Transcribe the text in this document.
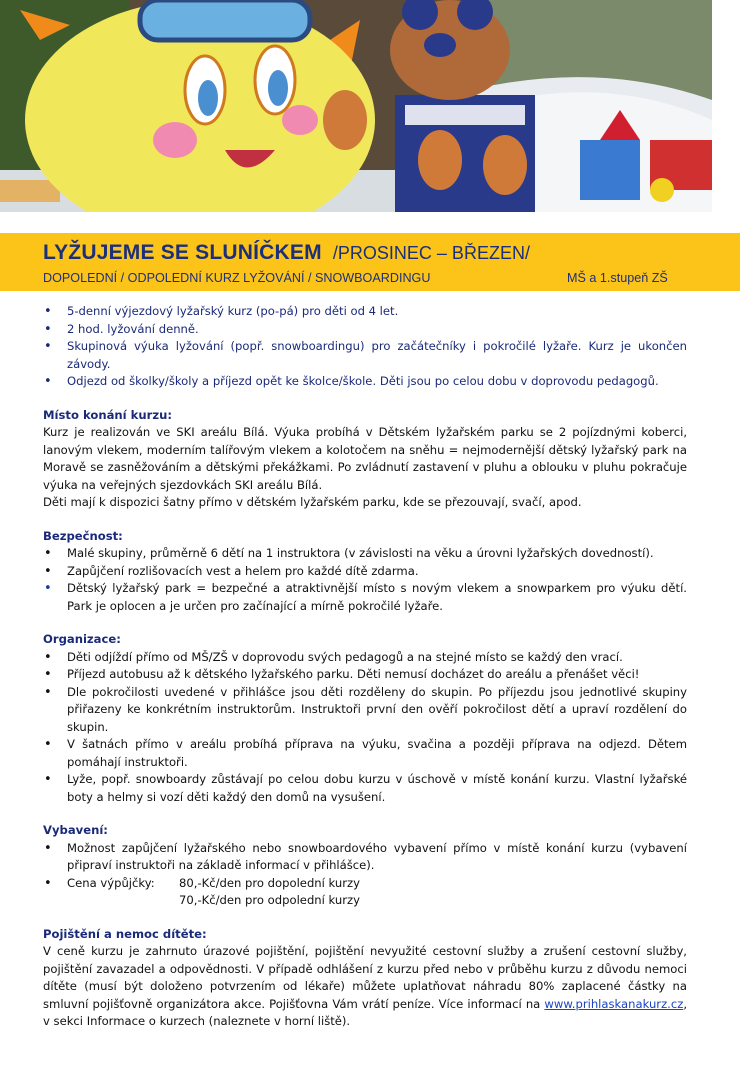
LYŽUJEME SE SLUNÍČKEM /PROSINEC – BŘEZEN/
DOPOLEDNÍ / ODPOLEDNÍ KURZ LYŽOVÁNÍ / SNOWBOARDINGU	MŠ a 1.stupeň ZŠ
• 5-denní výjezdový lyžařský kurz (po-pá) pro děti od 4 let.
• 2 hod. lyžování denně.
• Skupinová výuka lyžování (popř. snowboardingu) pro začátečníky i pokročilé lyžaře. Kurz je ukončen závody.
• Odjezd od školky/školy a příjezd opět ke školce/škole. Děti jsou po celou dobu v doprovodu pedagogů.
Místo konání kurzu:

Kurz je realizován ve SKI areálu Bílá. Výuka probíhá v Dětském lyžařském parku se 2 pojízdnými koberci, lanovým vlekem, moderním talířovým vlekem a kolotočem na sněhu = nejmodernější dětský lyžařský park na Moravě se zasněžováním a dětskými překážkami. Po zvládnutí zastavení v pluhu a oblouku v pluhu pokračuje výuka na veřejných sjezdovkách SKI areálu Bílá.

Děti mají k dispozici šatny přímo v dětském lyžařském parku, kde se přezouvají, svačí, apod.

Bezpečnost:
• Malé skupiny, průměrně 6 dětí na 1 instruktora (v závislosti na věku a úrovni lyžařských dovedností).
• Zapůjčení rozlišovacích vest a helem pro každé dítě zdarma.
• Dětský lyžařský park = bezpečné a atraktivnější místo s novým vlekem a snowparkem pro výuku dětí. Park je oplocen a je určen pro začínající a mírně pokročilé lyžaře.
Organizace:
• Děti odjíždí přímo od MŠ/ZŠ v doprovodu svých pedagogů a na stejné místo se každý den vrací.
• Příjezd autobusu až k dětského lyžařského parku. Děti nemusí docházet do areálu a přenášet věci!
• Dle pokročilosti uvedené v přihlášce jsou děti rozděleny do skupin. Po příjezdu jsou jednotlivé skupiny přiřazeny ke konkrétním instruktorům. Instruktoři první den ověří pokročilost dětí a upraví rozdělení do skupin.
• V šatnách přímo v areálu probíhá příprava na výuku, svačina a později příprava na odjezd. Dětem pomáhají instruktoři.
• Lyže, popř. snowboardy zůstávají po celou dobu kurzu v úschově v místě konání kurzu. Vlastní lyžařské boty a helmy si vozí děti každý den domů na vysušení.
Vybavení:
• Možnost zapůjčení lyžařského nebo snowboardového vybavení přímo v místě konání kurzu (vybavení připraví instruktoři na základě informací v přihlášce).
• Cena výpůjčky:	80,-Kč/den pro dopolední kurzy
70,-Kč/den pro odpolední kurzy
Pojištění a nemoc dítěte:

V ceně kurzu je zahrnuto úrazové pojištění, pojištění nevyužité cestovní služby a zrušení cestovní služby, pojištění zavazadel a odpovědnosti. V případě odhlášení z kurzu před nebo v průběhu kurzu z důvodu nemoci dítěte (musí být doloženo potvrzením od lékaře) můžete uplatňovat náhradu 80% zaplacené částky na smluvní pojišťovně organizátora akce. Pojišťovna Vám vrátí peníze. Více informací na www.prihlaskanakurz.cz, v sekci Informace o kurzech (naleznete v horní liště).
